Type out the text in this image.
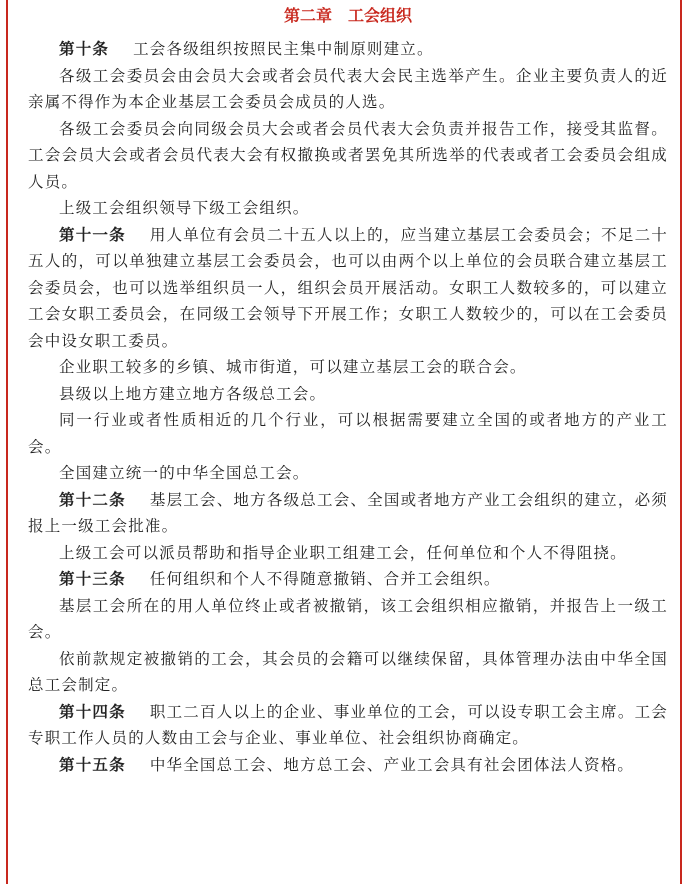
第二章　工会组织

第十条 工会各级组织按照民主集中制原则建立。

各级工会委员会由会员大会或者会员代表大会民主选举产生。企业主要负责人的近亲属不得作为本企业基层工会委员会成员的人选。

各级工会委员会向同级会员大会或者会员代表大会负责并报告工作，接受其监督。工会会员大会或者会员代表大会有权撤换或者罢免其所选举的代表或者工会委员会组成人员。

上级工会组织领导下级工会组织。

第十一条 用人单位有会员二十五人以上的，应当建立基层工会委员会；不足二十五人的，可以单独建立基层工会委员会，也可以由两个以上单位的会员联合建立基层工会委员会，也可以选举组织员一人，组织会员开展活动。女职工人数较多的，可以建立工会女职工委员会，在同级工会领导下开展工作；女职工人数较少的，可以在工会委员会中设女职工委员。

企业职工较多的乡镇、城市街道，可以建立基层工会的联合会。

县级以上地方建立地方各级总工会。

同一行业或者性质相近的几个行业，可以根据需要建立全国的或者地方的产业工会。

全国建立统一的中华全国总工会。

第十二条 基层工会、地方各级总工会、全国或者地方产业工会组织的建立，必须报上一级工会批准。

上级工会可以派员帮助和指导企业职工组建工会，任何单位和个人不得阻挠。

第十三条 任何组织和个人不得随意撤销、合并工会组织。

基层工会所在的用人单位终止或者被撤销，该工会组织相应撤销，并报告上一级工会。

依前款规定被撤销的工会，其会员的会籍可以继续保留，具体管理办法由中华全国总工会制定。

第十四条 职工二百人以上的企业、事业单位的工会，可以设专职工会主席。工会专职工作人员的人数由工会与企业、事业单位、社会组织协商确定。

第十五条 中华全国总工会、地方总工会、产业工会具有社会团体法人资格。
